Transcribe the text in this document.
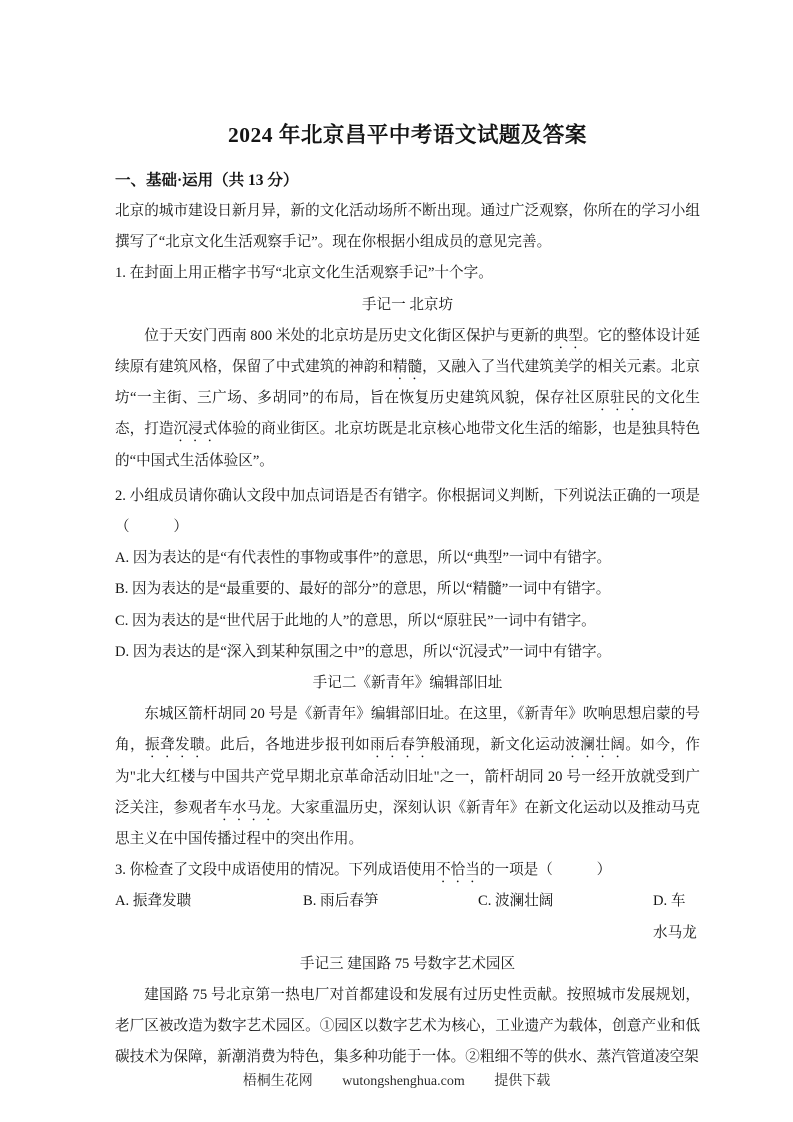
2024 年北京昌平中考语文试题及答案
一、基础·运用（共 13 分）

北京的城市建设日新月异，新的文化活动场所不断出现。通过广泛观察，你所在的学习小组撰写了“北京文化生活观察手记”。现在你根据小组成员的意见完善。

1. 在封面上用正楷字书写“北京文化生活观察手记”十个字。

手记一 北京坊

位于天安门西南 800 米处的北京坊是历史文化街区保护与更新的典型。它的整体设计延续原有建筑风格，保留了中式建筑的神韵和精髓，又融入了当代建筑美学的相关元素。北京坊“一主街、三广场、多胡同”的布局，旨在恢复历史建筑风貌，保存社区原驻民的文化生态，打造沉浸式体验的商业街区。北京坊既是北京核心地带文化生活的缩影，也是独具特色的“中国式生活体验区”。

2. 小组成员请你确认文段中加点词语是否有错字。你根据词义判断，下列说法正确的一项是（　　　）

A. 因为表达的是“有代表性的事物或事件”的意思，所以“典型”一词中有错字。

B. 因为表达的是“最重要的、最好的部分”的意思，所以“精髓”一词中有错字。

C. 因为表达的是“世代居于此地的人”的意思，所以“原驻民”一词中有错字。

D. 因为表达的是“深入到某种氛围之中”的意思，所以“沉浸式”一词中有错字。

手记二《新青年》编辑部旧址

东城区箭杆胡同 20 号是《新青年》编辑部旧址。在这里，《新青年》吹响思想启蒙的号角，振聋发聩。此后，各地进步报刊如雨后春笋般涌现，新文化运动波澜壮阔。如今，作为"北大红楼与中国共产党早期北京革命活动旧址"之一，箭杆胡同 20 号一经开放就受到广泛关注，参观者车水马龙。大家重温历史，深刻认识《新青年》在新文化运动以及推动马克思主义在中国传播过程中的突出作用。

3. 你检查了文段中成语使用的情况。下列成语使用不恰当的一项是（　　　）

A. 振聋发聩	B. 雨后春笋	C. 波澜壮阔	D. 车水马龙

手记三 建国路 75 号数字艺术园区

建国路 75 号北京第一热电厂对首都建设和发展有过历史性贡献。按照城市发展规划，老厂区被改造为数字艺术园区。①园区以数字艺术为核心，工业遗产为载体，创意产业和低碳技术为保障，新潮消费为特色，集多种功能于一体。②粗细不等的供水、蒸汽管道凌空架

梧桐生花网 wutongshenghua.com 提供下载
